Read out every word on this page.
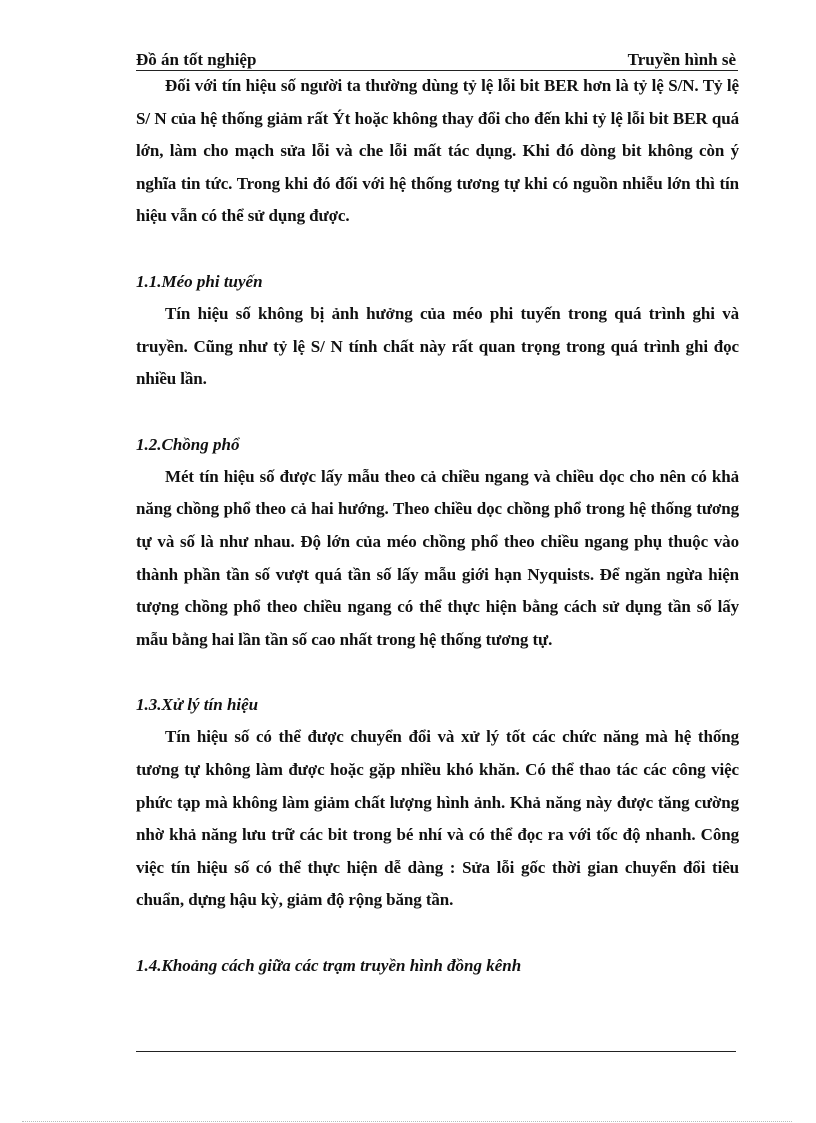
Đồ án tốt nghiệp	Truyền hình sè

Đối với tín hiệu số người ta thường dùng tỷ lệ lỗi bit BER hơn là tỷ lệ S/N. Tỷ lệ S/ N của hệ thống giảm rất Ýt hoặc không thay đổi cho đến khi tỷ lệ lỗi bit BER quá lớn, làm cho mạch sửa lỗi và che lỗi mất tác dụng. Khi đó dòng bit không còn ý nghĩa tin tức. Trong khi đó đối với hệ thống tương tự khi có nguồn nhiễu lớn thì tín hiệu vẫn có thể sử dụng được.

1.1.Méo phi tuyến

Tín hiệu số không bị ảnh hưởng của méo phi tuyến trong quá trình ghi và truyền. Cũng như tỷ lệ S/ N tính chất này rất quan trọng trong quá trình ghi đọc nhiều lần.

1.2.Chồng phổ

Mét tín hiệu số được lấy mẫu theo cả chiều ngang và chiều dọc cho nên có khả năng chồng phổ theo cả hai hướng. Theo chiều dọc chồng phổ trong hệ thống tương tự và số là như nhau. Độ lớn của méo chồng phổ theo chiều ngang phụ thuộc vào thành phần tần số vượt quá tần số lấy mẫu giới hạn Nyquists. Để ngăn ngừa hiện tượng chồng phổ theo chiều ngang có thể thực hiện bằng cách sử dụng tần số lấy mẫu bằng hai lần tần số cao nhất trong hệ thống tương tự.

1.3.Xử lý tín hiệu

Tín hiệu số có thể được chuyển đổi và xử lý tốt các chức năng mà hệ thống tương tự không làm được hoặc gặp nhiều khó khăn. Có thể thao tác các công việc phức tạp mà không làm giảm chất lượng hình ảnh. Khả năng này được tăng cường nhờ khả năng lưu trữ các bit trong bé nhí và có thể đọc ra với tốc độ nhanh. Công việc tín hiệu số có thể thực hiện dễ dàng : Sửa lỗi gốc thời gian chuyển đổi tiêu chuẩn, dựng hậu kỳ, giảm độ rộng băng tần.

1.4.Khoảng cách giữa các trạm truyền hình đồng kênh
